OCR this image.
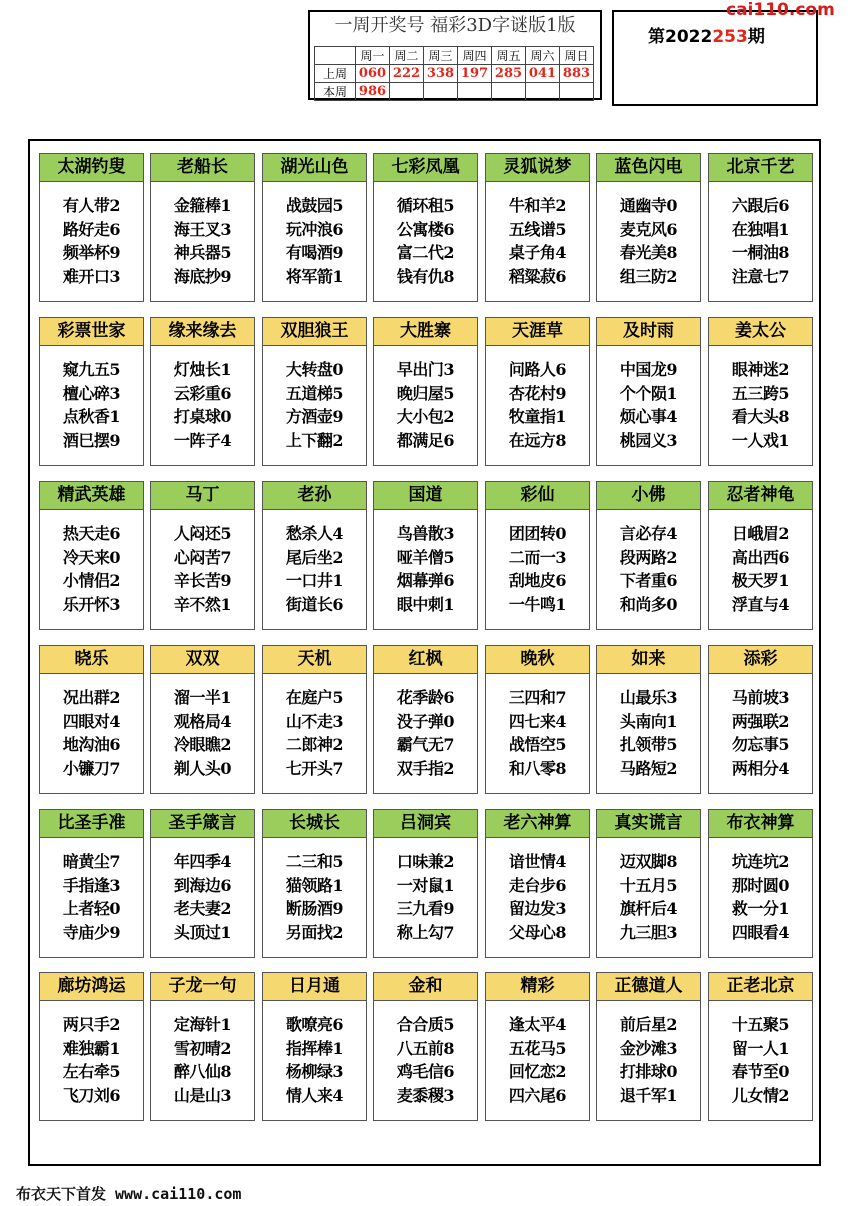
一周开奖号 福彩3D字谜版1版
	周一	周二	周三	周四	周五	周六	周日
上周	060	222	338	197	285	041	883
本周	986						
第2022253期
cai110.com
太湖钓叟
有人带2
路好走6
频举杯9
难开口3
老船长
金箍棒1
海王叉3
神兵器5
海底抄9
湖光山色
战鼓园5
玩冲浪6
有喝酒9
将军箭1
七彩凤凰
循环租5
公寓楼6
富二代2
钱有仇8
灵狐说梦
牛和羊2
五线谱5
桌子角4
稻粱菽6
蓝色闪电
通幽寺0
麦克风6
春光美8
组三防2
北京千艺
六跟后6
在独唱1
一桐油8
注意七7
彩票世家
窥九五5
檀心碎3
点秋香1
酒巳摆9
缘来缘去
灯烛长1
云彩重6
打桌球0
一阵子4
双胆狼王
大转盘0
五道梯5
方酒壶9
上下翻2
大胜寨
早出门3
晚归屋5
大小包2
都满足6
天涯草
问路人6
杏花村9
牧童指1
在远方8
及时雨
中国龙9
个个陨1
烦心事4
桃园义3
姜太公
眼神迷2
五三跨5
看大头8
一人戏1
精武英雄
热天走6
冷天来0
小情侣2
乐开怀3
马丁
人闷还5
心闷苦7
辛长苦9
辛不然1
老孙
愁杀人4
尾后坐2
一口井1
街道长6
国道
鸟兽散3
哑羊僧5
烟幕弹6
眼中刺1
彩仙
团团转0
二而一3
刮地皮6
一牛鸣1
小佛
言必存4
段两路2
下者重6
和尚多0
忍者神龟
日峨眉2
高出西6
极天罗1
浮直与4
晓乐
况出群2
四眼对4
地沟油6
小镰刀7
双双
溜一半1
观格局4
冷眼瞧2
剃人头0
天机
在庭户5
山不走3
二郎神2
七开头7
红枫
花季龄6
没子弹0
霸气无7
双手指2
晚秋
三四和7
四七来4
战悟空5
和八零8
如来
山最乐3
头南向1
扎领带5
马路短2
添彩
马前坡3
两强联2
勿忘事5
两相分4
比圣手准
暗黄尘7
手指逢3
上者轻0
寺庙少9
圣手箴言
年四季4
到海边6
老夫妻2
头顶过1
长城长
二三和5
猫领路1
断肠酒9
另面找2
吕洞宾
口味兼2
一对鼠1
三九看9
称上勾7
老六神算
谙世情4
走台步6
留边发3
父母心8
真实谎言
迈双脚8
十五月5
旗杆后4
九三胆3
布衣神算
坑连坑2
那时圆0
救一分1
四眼看4
廊坊鸿运
两只手2
难独霸1
左右牵5
飞刀刘6
子龙一句
定海针1
雪初晴2
醉八仙8
山是山3
日月通
歌嘹亮6
指挥棒1
杨柳绿3
情人来4
金和
合合质5
八五前8
鸡毛信6
麦黍稷3
精彩
逢太平4
五花马5
回忆恋2
四六尾6
正德道人
前后星2
金沙滩3
打排球0
退千军1
正老北京
十五聚5
留一人1
春节至0
儿女情2
布衣天下首发 www.cai110.com
